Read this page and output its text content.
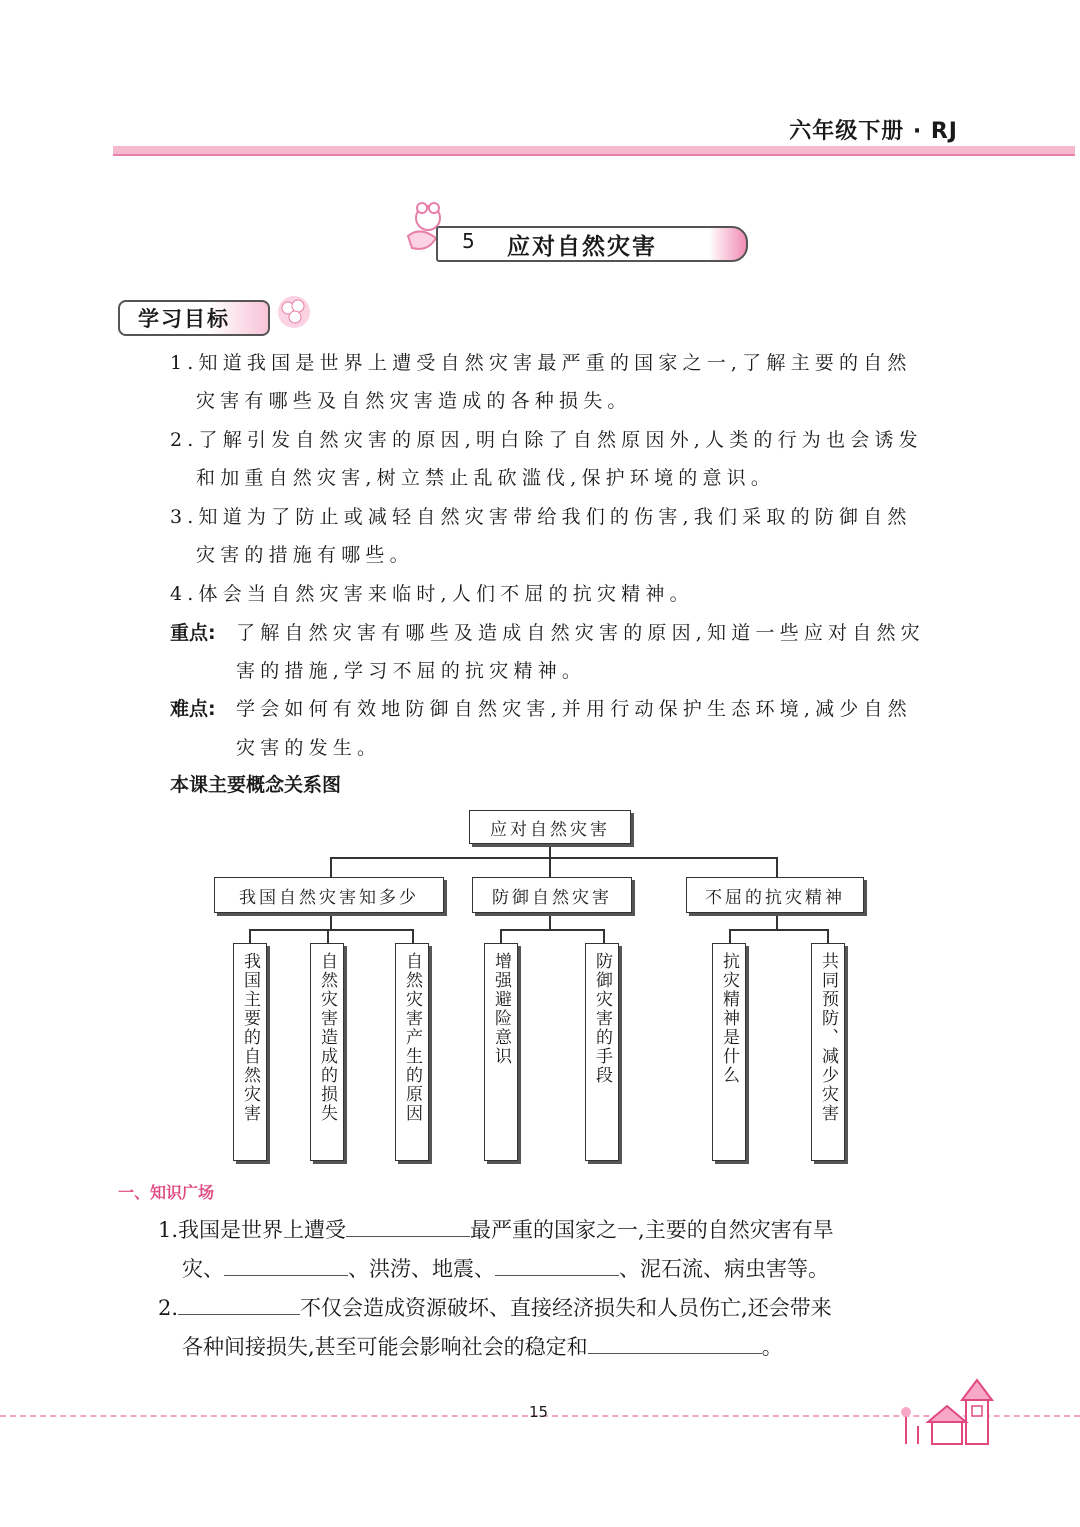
六年级下册 · RJ
5 应对自然灾害
学习目标
1.知道我国是世界上遭受自然灾害最严重的国家之一,了解主要的自然
灾害有哪些及自然灾害造成的各种损失。
2.了解引发自然灾害的原因,明白除了自然原因外,人类的行为也会诱发
和加重自然灾害,树立禁止乱砍滥伐,保护环境的意识。
3.知道为了防止或减轻自然灾害带给我们的伤害,我们采取的防御自然
灾害的措施有哪些。
4.体会当自然灾害来临时,人们不屈的抗灾精神。
重点: 了解自然灾害有哪些及造成自然灾害的原因,知道一些应对自然灾
害的措施,学习不屈的抗灾精神。
难点: 学会如何有效地防御自然灾害,并用行动保护生态环境,减少自然
灾害的发生。
本课主要概念关系图
应对自然灾害
我国自然灾害知多少	防御自然灾害	不屈的抗灾精神
我国主要的自然灾害	自然灾害造成的损失	自然灾害产生的原因	增强避险意识	防御灾害的手段	抗灾精神是什么	共同预防、减少灾害
一、知识广场
1.我国是世界上遭受	最严重的国家之一,主要的自然灾害有旱
灾、	、洪涝、地震、	、泥石流、病虫害等。
2.	不仅会造成资源破坏、直接经济损失和人员伤亡,还会带来
各种间接损失,甚至可能会影响社会的稳定和	。
15
